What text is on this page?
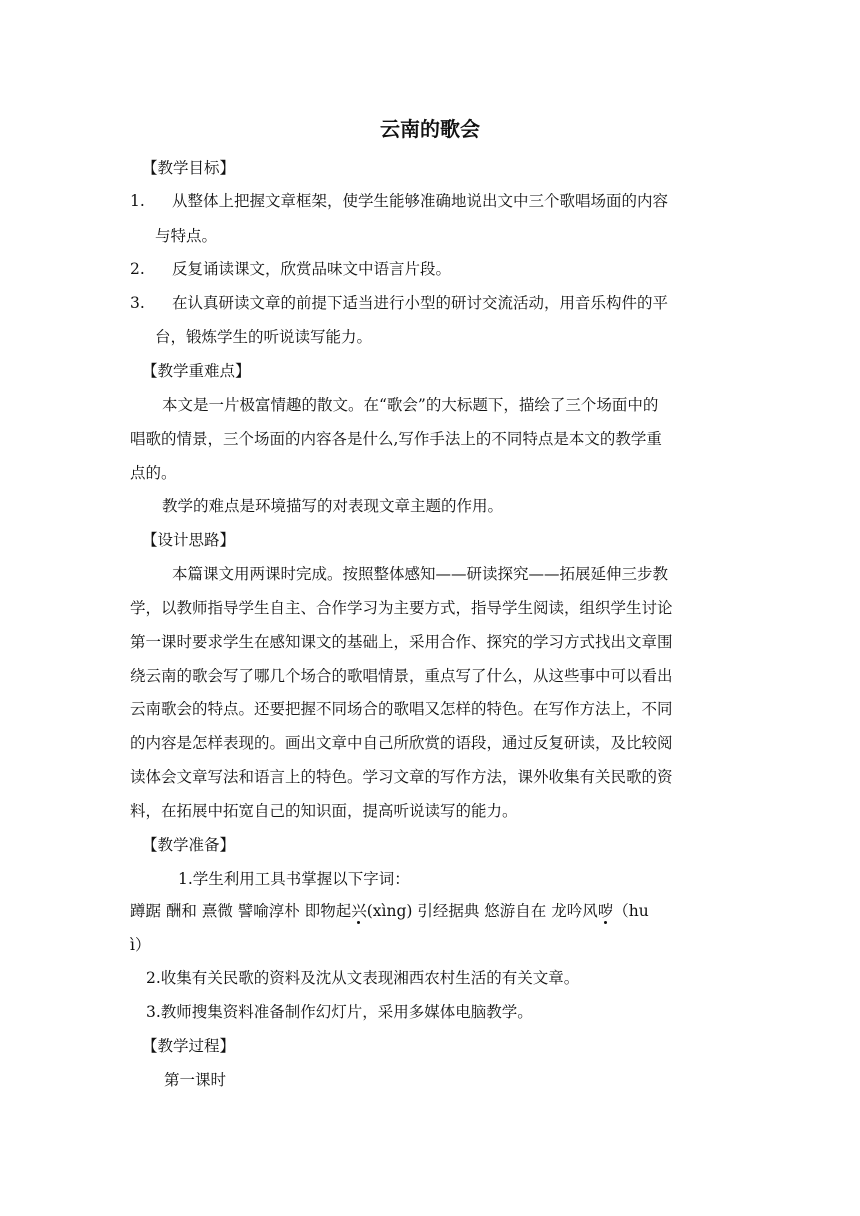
云南的歌会
【教学目标】
1. 从整体上把握文章框架，使学生能够准确地说出文中三个歌唱场面的内容
与特点。
2. 反复诵读课文，欣赏品味文中语言片段。
3. 在认真研读文章的前提下适当进行小型的研讨交流活动，用音乐构件的平
台，锻炼学生的听说读写能力。
【教学重难点】
本文是一片极富情趣的散文。在“歌会”的大标题下，描绘了三个场面中的
唱歌的情景，三个场面的内容各是什么,写作手法上的不同特点是本文的教学重
点的。
教学的难点是环境描写的对表现文章主题的作用。
【设计思路】
本篇课文用两课时完成。按照整体感知——研读探究——拓展延伸三步教
学，以教师指导学生自主、合作学习为主要方式，指导学生阅读，组织学生讨论
第一课时要求学生在感知课文的基础上，采用合作、探究的学习方式找出文章围
绕云南的歌会写了哪几个场合的歌唱情景，重点写了什么，从这些事中可以看出
云南歌会的特点。还要把握不同场合的歌唱又怎样的特色。在写作方法上，不同
的内容是怎样表现的。画出文章中自己所欣赏的语段，通过反复研读，及比较阅
读体会文章写法和语言上的特色。学习文章的写作方法，课外收集有关民歌的资
料，在拓展中拓宽自己的知识面，提高听说读写的能力。
【教学准备】
1.学生利用工具书掌握以下字词：
蹲踞 酬和 熹微 譬喻淳朴 即物起兴(xìng) 引经据典 悠游自在 龙吟风哕（hu
ì）
2.收集有关民歌的资料及沈从文表现湘西农村生活的有关文章。
3.教师搜集资料准备制作幻灯片，采用多媒体电脑教学。
【教学过程】
第一课时
